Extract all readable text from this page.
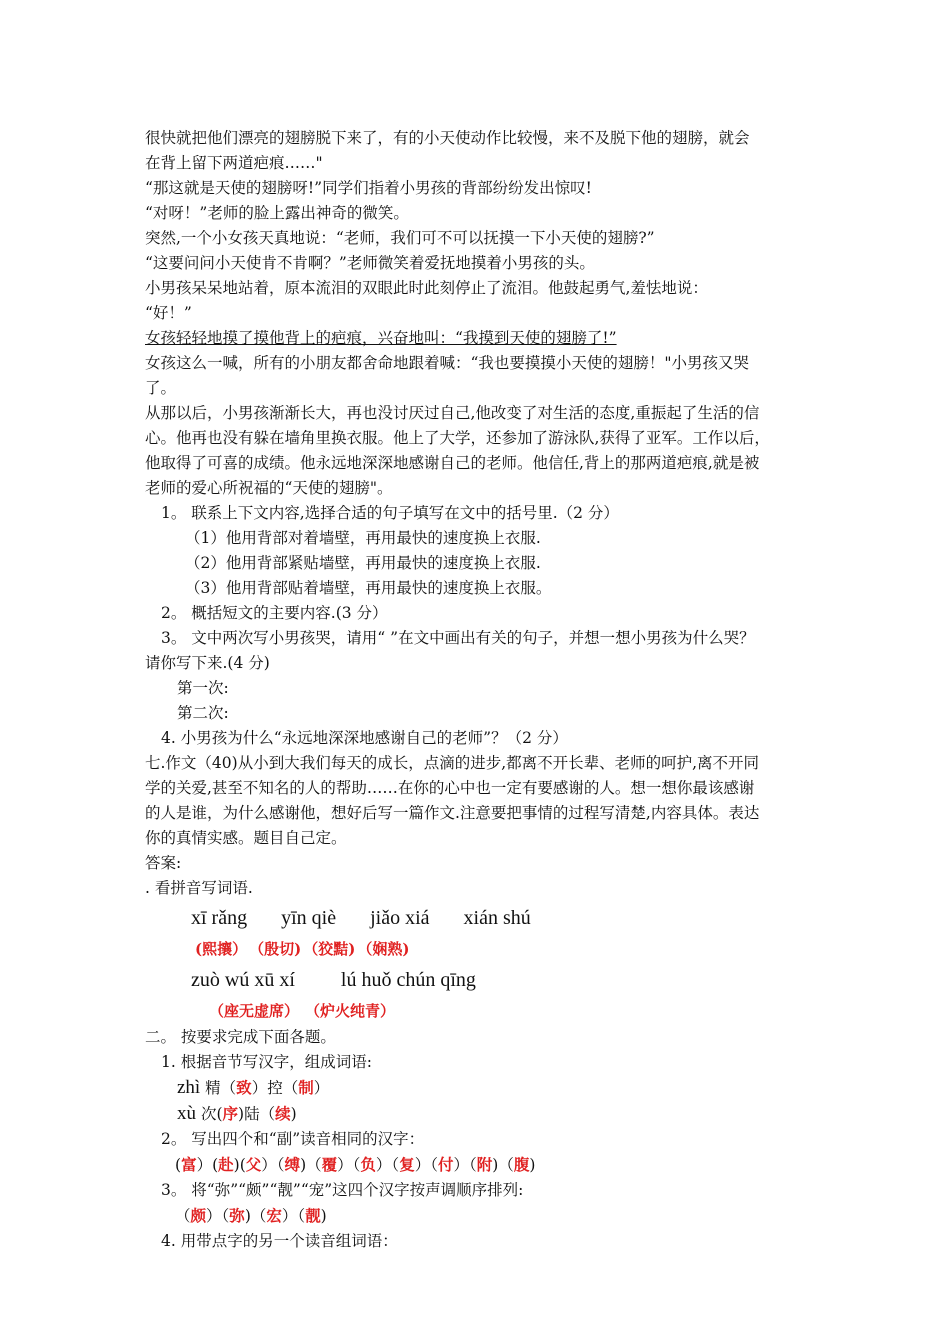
很快就把他们漂亮的翅膀脱下来了，有的小天使动作比较慢，来不及脱下他的翅膀，就会

在背上留下两道疤痕……"

“那这就是天使的翅膀呀!”同学们指着小男孩的背部纷纷发出惊叹!

“对呀！”老师的脸上露出神奇的微笑。

突然,一个小女孩天真地说：“老师，我们可不可以抚摸一下小天使的翅膀?”

“这要问问小天使肯不肯啊？”老师微笑着爱抚地摸着小男孩的头。

小男孩呆呆地站着，原本流泪的双眼此时此刻停止了流泪。他鼓起勇气,羞怯地说：

“好！”

女孩轻轻地摸了摸他背上的疤痕，兴奋地叫：“我摸到天使的翅膀了!”

女孩这么一喊，所有的小朋友都舍命地跟着喊：“我也要摸摸小天使的翅膀！"小男孩又哭

了。

从那以后，小男孩渐渐长大，再也没讨厌过自己,他改变了对生活的态度,重振起了生活的信

心。他再也没有躲在墙角里换衣服。他上了大学，还参加了游泳队,获得了亚军。工作以后，

他取得了可喜的成绩。他永远地深深地感谢自己的老师。他信任,背上的那两道疤痕,就是被

老师的爱心所祝福的“天使的翅膀"。

1。 联系上下文内容,选择合适的句子填写在文中的括号里.（2 分）

（1）他用背部对着墙壁，再用最快的速度换上衣服.

（2）他用背部紧贴墙壁，再用最快的速度换上衣服.

（3）他用背部贴着墙壁，再用最快的速度换上衣服。

2。 概括短文的主要内容.(3 分）

3。 文中两次写小男孩哭，请用“ ”在文中画出有关的句子，并想一想小男孩为什么哭？

请你写下来.(4 分)

第一次:

第二次:

4. 小男孩为什么“永远地深深地感谢自己的老师”？（2 分）

七.作文（40)从小到大我们每天的成长，点滴的进步,都离不开长辈、老师的呵护,离不开同

学的关爱,甚至不知名的人的帮助……在你的心中也一定有要感谢的人。想一想你最该感谢

的人是谁，为什么感谢他，想好后写一篇作文.注意要把事情的过程写清楚,内容具体。表达

你的真情实感。题目自己定。

答案:

. 看拼音写词语.

xī rǎng yīn qiè jiǎo xiá xián shú
(熙攘） （殷切) （狡黠) （娴熟)
zuò wú xū xí lú huǒ chún qīng
（座无虚席） （炉火纯青）

二。 按要求完成下面各题。

1. 根据音节写汉字，组成词语:

zhì 精（致）控（制）

xù 次(序)陆（续)

2。 写出四个和“副”读音相同的汉字：

(富）(赴)(父）（缚)（覆）（负）（复）（付）（附)（腹)

3。 将“弥”“颇”“靓”“宠”这四个汉字按声调顺序排列:

（颇）（弥)（宏）（靓)

4. 用带点字的另一个读音组词语：
